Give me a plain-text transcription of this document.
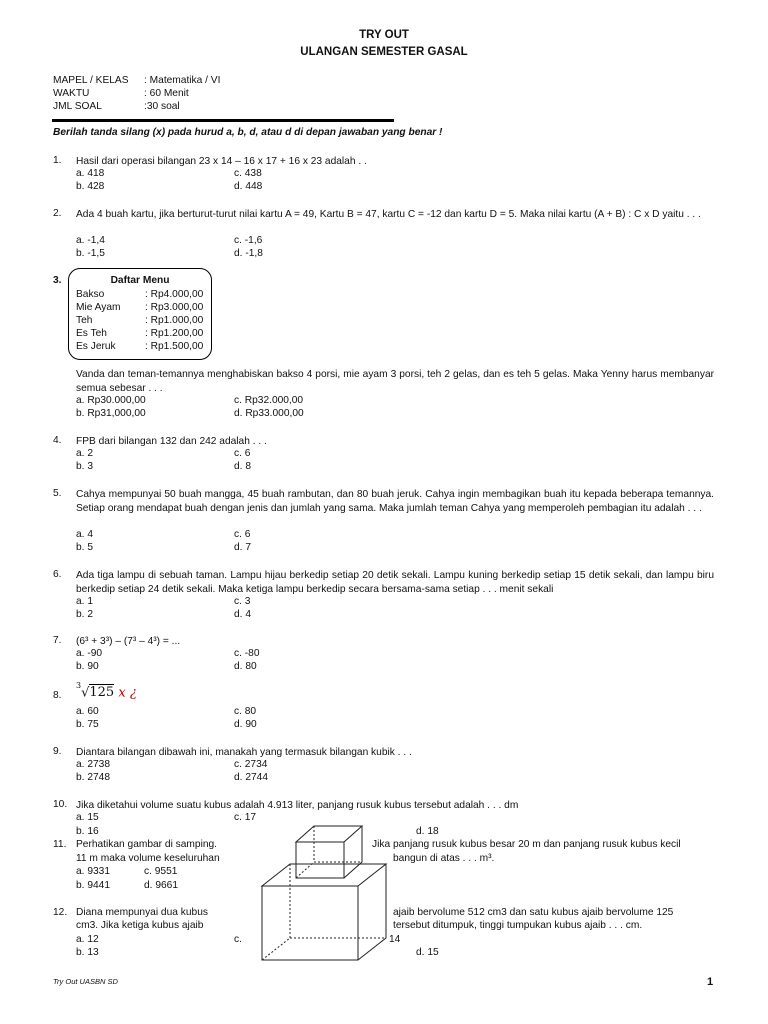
TRY OUT
ULANGAN SEMESTER GASAL
MAPEL / KELAS : Matematika / VI
WAKTU	: 60 Menit
JML SOAL	:30 soal
Berilah tanda silang (x) pada hurud a, b, d, atau d di depan jawaban yang benar !
1. Hasil dari operasi bilangan 23 x 14 – 16 x 17 + 16 x 23 adalah . .
a. 418	c. 438
b. 428	d. 448
2. Ada 4 buah kartu, jika berturut-turut nilai kartu A = 49, Kartu B = 47, kartu C = -12 dan kartu D = 5. Maka nilai kartu (A + B) : C x D yaitu . . .
a. -1,4	c. -1,6
b. -1,5	d. -1,8
3.	Daftar Menu
Bakso	: Rp4.000,00
Mie Ayam : Rp3.000,00
Teh	: Rp1.000,00
Es Teh	: Rp1.200,00
Es Jeruk	: Rp1.500,00
Vanda dan teman-temannya menghabiskan bakso 4 porsi, mie ayam 3 porsi, teh 2 gelas, dan es teh 5 gelas. Maka Yenny harus membanyar semua sebesar . . .
a. Rp30.000,00	c. Rp32.000,00
b. Rp31,000,00	d. Rp33.000,00
4. FPB dari bilangan 132 dan 242 adalah . . .
a. 2	c. 6
b. 3	d. 8
5. Cahya mempunyai 50 buah mangga, 45 buah rambutan, dan 80 buah jeruk. Cahya ingin membagikan buah itu kepada beberapa temannya. Setiap orang mendapat buah dengan jenis dan jumlah yang sama. Maka jumlah teman Cahya yang memperoleh pembagian itu adalah . . .
a. 4	c. 6
b. 5	d. 7
6. Ada tiga lampu di sebuah taman. Lampu hijau berkedip setiap 20 detik sekali. Lampu kuning berkedip setiap 15 detik sekali, dan lampu biru berkedip setiap 24 detik sekali. Maka ketiga lampu berkedip secara bersama-sama setiap . . . menit sekali
a. 1	c. 3
b. 2	d. 4
7. (6³ + 3³) – (7³ – 4³) = ...
a. -90	c. -80
b. 90	d. 80
8.
$^3$√125 x ¿
a. 60	c. 80
b. 75	d. 90
9. Diantara bilangan dibawah ini, manakah yang termasuk bilangan kubik . . .
a. 2738	c. 2734
b. 2748	d. 2744
10. Jika diketahui volume suatu kubus adalah 4.913 liter, panjang rusuk kubus tersebut adalah . . . dm
a. 15	c. 17
b. 16	d. 18
11. Perhatikan gambar di samping.	Jika panjang rusuk kubus besar 20 m dan panjang rusuk kubus kecil
11 m maka volume keseluruhan	bangun di atas . . . m³.
a. 9331	c. 9551
b. 9441	d. 9661
12. Diana mempunyai dua kubus	ajaib bervolume 512 cm3 dan satu kubus ajaib bervolume 125
cm3. Jika ketiga kubus ajaib	tersebut ditumpuk, tinggi tumpukan kubus ajaib . . . cm.
a. 12	c.	14
b. 13	d. 15
Try Out UASBN SD	1
